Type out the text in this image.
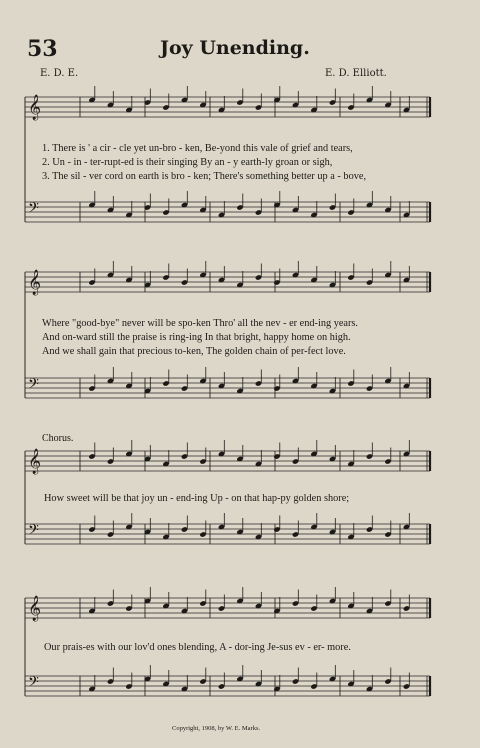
53	Joy Unending.
E. D. E.	E. D. Elliott.
𝄞
𝄢
𝄞
𝄢
𝄞
𝄢
𝄞
𝄢
1. There is ' a cir - cle yet un-bro - ken, Be-yond this vale of grief and tears,
2. Un - in - ter-rupt-ed is their singing By an - y earth-ly groan or sigh,
3. The sil - ver cord on earth is bro - ken; There's something better up a - bove,
Where "good-bye" never will be spo-ken Thro' all the nev - er end-ing years.
And on-ward still the praise is ring-ing In that bright, happy home on high.
And we shall gain that precious to-ken, The golden chain of per-fect love.
Chorus.
How sweet will be that joy un - end-ing Up - on that hap-py golden shore;
Our prais-es with our lov'd ones blending, A - dor-ing Je-sus ev - er- more.
Copyright, 1908, by W. E. Marks.
